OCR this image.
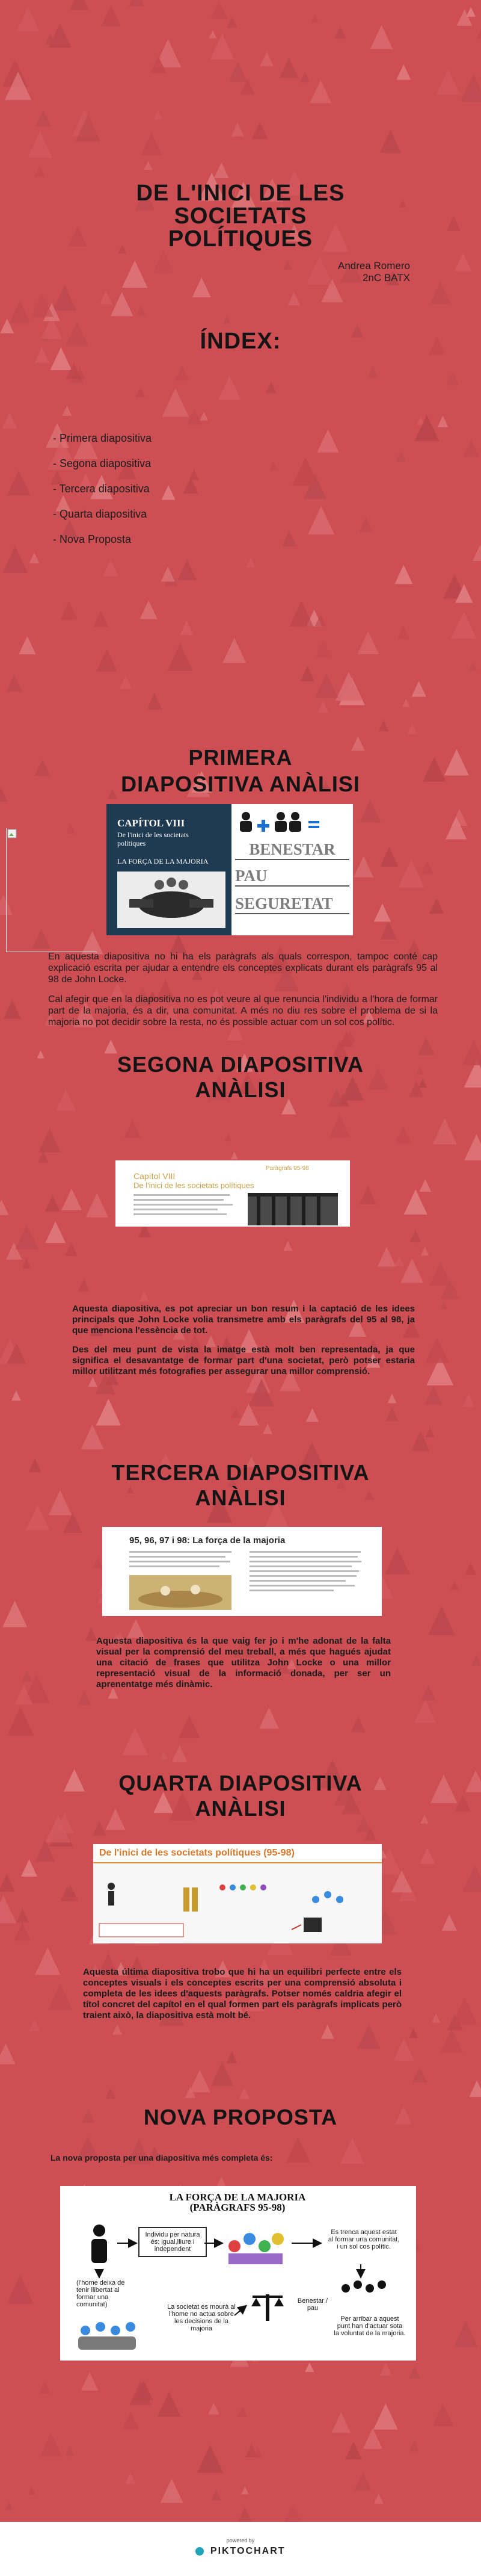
DE L'INICI DE LES
SOCIETATS
POLÍTIQUES
Andrea Romero
2nC BATX
ÍNDEX:
- Primera diapositiva
- Segona diapositiva
- Tercera diapositiva
- Quarta diapositiva
- Nova Proposta
PRIMERA
DIAPOSITIVA ANÀLISI
CAPÍTOL VIII
De l'inici de les societats
polítiques
LA FORÇA DE LA MAJORIA
BENESTAR
PAU
SEGURETAT

En aquesta diapositiva no hi ha els paràgrafs als quals correspon, tampoc conté cap explicació escrita per ajudar a entendre els conceptes explicats durant els paràgrafs 95 al 98 de John Locke.

Cal afegir que en la diapositiva no es pot veure al que renuncia l'individu a l'hora de formar part de la majoria, és a dir, una comunitat. A més no diu res sobre el problema de si la majoria no pot decidir sobre la resta, no és possible actuar com un sol cos polític.

SEGONA DIAPOSITIVA
ANÀLISI
Paràgrafs 95-98
Capítol VIII
De l'inici de les societats polítiques

Aquesta diapositiva, es pot apreciar un bon resum i la captació de les idees principals que John Locke volia transmetre amb els paràgrafs del 95 al 98, ja que menciona l'essència de tot.

Des del meu punt de vista la imatge està molt ben representada, ja que significa el desavantatge de formar part d'una societat, però potser estaria millor utilitzant més fotografies per assegurar una millor comprensió.

TERCERA DIAPOSITIVA
ANÀLISI
95, 96, 97 i 98: La força de la majoria

Aquesta diapositiva és la que vaig fer jo i m'he adonat de la falta visual per la comprensió del meu treball, a més que hagués ajudat una citació de frases que utilitza John Locke o una millor representació visual de la informació donada, per ser un aprenentatge més dinàmic.

QUARTA DIAPOSITIVA
ANÀLISI
De l'inici de les societats polítiques (95-98)

Aquesta última diapositiva trobo que hi ha un equilibri perfecte entre els conceptes visuals i els conceptes escrits per una comprensió absoluta i completa de les idees d'aquests paràgrafs. Potser només caldria afegir el títol concret del capítol en el qual formen part els paràgrafs implicats però traient això, la diapositiva està molt bé.

NOVA PROPOSTA
La nova proposta per una diapositiva més completa és:
LA FORÇA DE LA MAJORIA
(PARÀGRAFS 95-98)
Individu per natura és: igual,lliure i independent
Es trenca aquest estat al formar una comunitat, i un sol cos polític.
(l'home deixa de tenir llibertat al formar una comunitat)	La societat es mourà al l'home no actua sobre les decisions de la majoria
Benestar / pau
Per arribar a aquest punt han d'actuar sota la voluntat de la majoria.
powered by
PIKTOCHART
